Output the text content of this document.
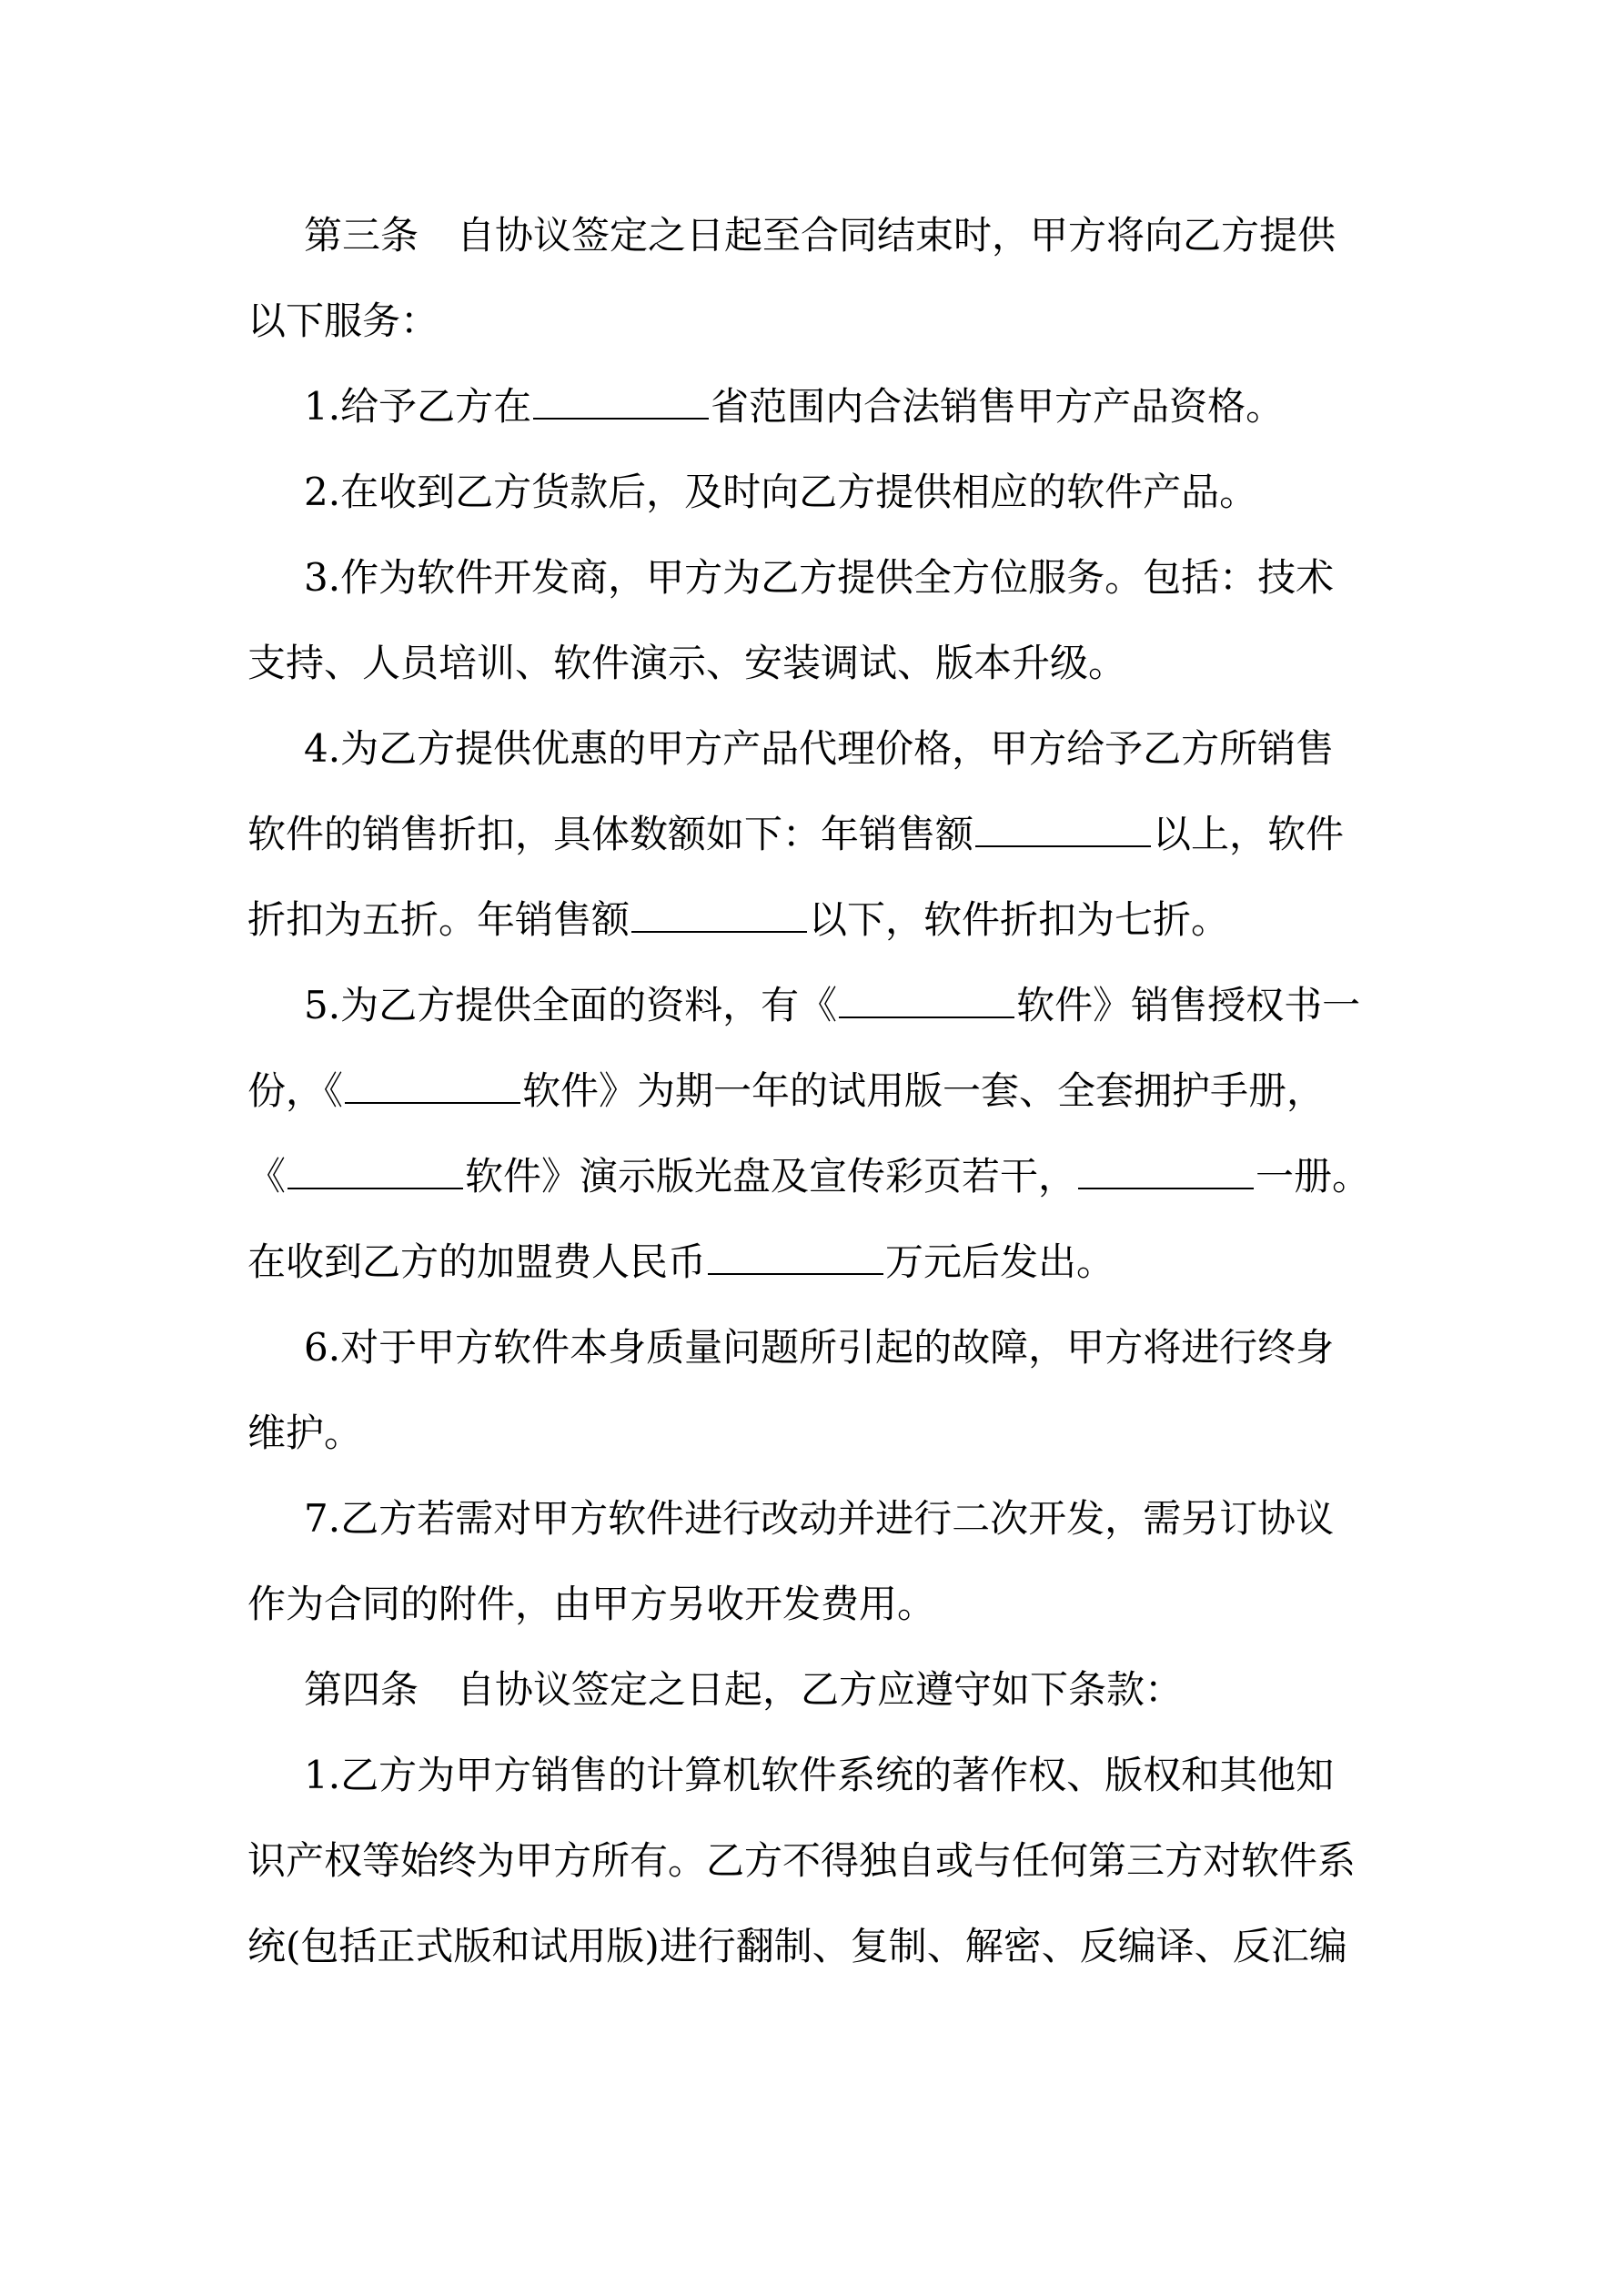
第三条　自协议签定之日起至合同结束时，甲方将向乙方提供
以下服务：

1.给予乙方在	省范围内合法销售甲方产品资格。

2.在收到乙方货款后，及时向乙方提供相应的软件产品。

3.作为软件开发商，甲方为乙方提供全方位服务。包括：技术
支持、人员培训、软件演示、安装调试、版本升级。

4.为乙方提供优惠的甲方产品代理价格，甲方给予乙方所销售
软件的销售折扣，具体数额如下：年销售额	以上，软件
折扣为五折。年销售额	以下，软件折扣为七折。

5.为乙方提供全面的资料，有《	软件》销售授权书一
份，《	软件》为期一年的试用版一套、全套拥护手册，
《	软件》演示版光盘及宣传彩页若干，	一册。
在收到乙方的加盟费人民币	万元后发出。

6.对于甲方软件本身质量问题所引起的故障，甲方将进行终身
维护。

7.乙方若需对甲方软件进行改动并进行二次开发，需另订协议
作为合同的附件，由甲方另收开发费用。

第四条　自协议签定之日起，乙方应遵守如下条款：

1.乙方为甲方销售的计算机软件系统的著作权、版权和其他知
识产权等始终为甲方所有。乙方不得独自或与任何第三方对软件系
统(包括正式版和试用版)进行翻制、复制、解密、反编译、反汇编
